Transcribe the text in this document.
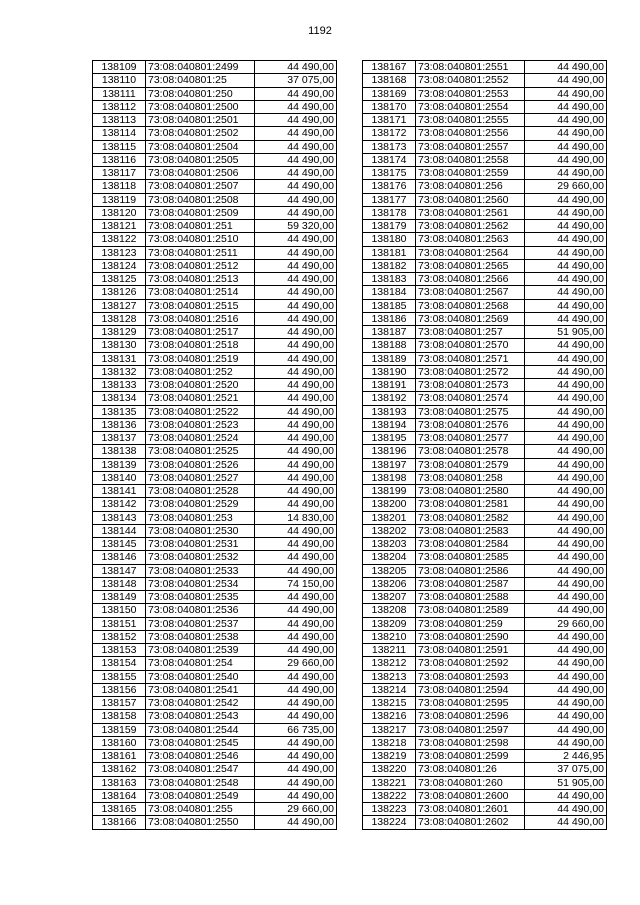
1192
138109	73:08:040801:2499	44 490,00
138110	73:08:040801:25	37 075,00
138111	73:08:040801:250	44 490,00
138112	73:08:040801:2500	44 490,00
138113	73:08:040801:2501	44 490,00
138114	73:08:040801:2502	44 490,00
138115	73:08:040801:2504	44 490,00
138116	73:08:040801:2505	44 490,00
138117	73:08:040801:2506	44 490,00
138118	73:08:040801:2507	44 490,00
138119	73:08:040801:2508	44 490,00
138120	73:08:040801:2509	44 490,00
138121	73:08:040801:251	59 320,00
138122	73:08:040801:2510	44 490,00
138123	73:08:040801:2511	44 490,00
138124	73:08:040801:2512	44 490,00
138125	73:08:040801:2513	44 490,00
138126	73:08:040801:2514	44 490,00
138127	73:08:040801:2515	44 490,00
138128	73:08:040801:2516	44 490,00
138129	73:08:040801:2517	44 490,00
138130	73:08:040801:2518	44 490,00
138131	73:08:040801:2519	44 490,00
138132	73:08:040801:252	44 490,00
138133	73:08:040801:2520	44 490,00
138134	73:08:040801:2521	44 490,00
138135	73:08:040801:2522	44 490,00
138136	73:08:040801:2523	44 490,00
138137	73:08:040801:2524	44 490,00
138138	73:08:040801:2525	44 490,00
138139	73:08:040801:2526	44 490,00
138140	73:08:040801:2527	44 490,00
138141	73:08:040801:2528	44 490,00
138142	73:08:040801:2529	44 490,00
138143	73:08:040801:253	14 830,00
138144	73:08:040801:2530	44 490,00
138145	73:08:040801:2531	44 490,00
138146	73:08:040801:2532	44 490,00
138147	73:08:040801:2533	44 490,00
138148	73:08:040801:2534	74 150,00
138149	73:08:040801:2535	44 490,00
138150	73:08:040801:2536	44 490,00
138151	73:08:040801:2537	44 490,00
138152	73:08:040801:2538	44 490,00
138153	73:08:040801:2539	44 490,00
138154	73:08:040801:254	29 660,00
138155	73:08:040801:2540	44 490,00
138156	73:08:040801:2541	44 490,00
138157	73:08:040801:2542	44 490,00
138158	73:08:040801:2543	44 490,00
138159	73:08:040801:2544	66 735,00
138160	73:08:040801:2545	44 490,00
138161	73:08:040801:2546	44 490,00
138162	73:08:040801:2547	44 490,00
138163	73:08:040801:2548	44 490,00
138164	73:08:040801:2549	44 490,00
138165	73:08:040801:255	29 660,00
138166	73:08:040801:2550	44 490,00
138167	73:08:040801:2551	44 490,00
138168	73:08:040801:2552	44 490,00
138169	73:08:040801:2553	44 490,00
138170	73:08:040801:2554	44 490,00
138171	73:08:040801:2555	44 490,00
138172	73:08:040801:2556	44 490,00
138173	73:08:040801:2557	44 490,00
138174	73:08:040801:2558	44 490,00
138175	73:08:040801:2559	44 490,00
138176	73:08:040801:256	29 660,00
138177	73:08:040801:2560	44 490,00
138178	73:08:040801:2561	44 490,00
138179	73:08:040801:2562	44 490,00
138180	73:08:040801:2563	44 490,00
138181	73:08:040801:2564	44 490,00
138182	73:08:040801:2565	44 490,00
138183	73:08:040801:2566	44 490,00
138184	73:08:040801:2567	44 490,00
138185	73:08:040801:2568	44 490,00
138186	73:08:040801:2569	44 490,00
138187	73:08:040801:257	51 905,00
138188	73:08:040801:2570	44 490,00
138189	73:08:040801:2571	44 490,00
138190	73:08:040801:2572	44 490,00
138191	73:08:040801:2573	44 490,00
138192	73:08:040801:2574	44 490,00
138193	73:08:040801:2575	44 490,00
138194	73:08:040801:2576	44 490,00
138195	73:08:040801:2577	44 490,00
138196	73:08:040801:2578	44 490,00
138197	73:08:040801:2579	44 490,00
138198	73:08:040801:258	44 490,00
138199	73:08:040801:2580	44 490,00
138200	73:08:040801:2581	44 490,00
138201	73:08:040801:2582	44 490,00
138202	73:08:040801:2583	44 490,00
138203	73:08:040801:2584	44 490,00
138204	73:08:040801:2585	44 490,00
138205	73:08:040801:2586	44 490,00
138206	73:08:040801:2587	44 490,00
138207	73:08:040801:2588	44 490,00
138208	73:08:040801:2589	44 490,00
138209	73:08:040801:259	29 660,00
138210	73:08:040801:2590	44 490,00
138211	73:08:040801:2591	44 490,00
138212	73:08:040801:2592	44 490,00
138213	73:08:040801:2593	44 490,00
138214	73:08:040801:2594	44 490,00
138215	73:08:040801:2595	44 490,00
138216	73:08:040801:2596	44 490,00
138217	73:08:040801:2597	44 490,00
138218	73:08:040801:2598	44 490,00
138219	73:08:040801:2599	2 446,95
138220	73:08:040801:26	37 075,00
138221	73:08:040801:260	51 905,00
138222	73:08:040801:2600	44 490,00
138223	73:08:040801:2601	44 490,00
138224	73:08:040801:2602	44 490,00
